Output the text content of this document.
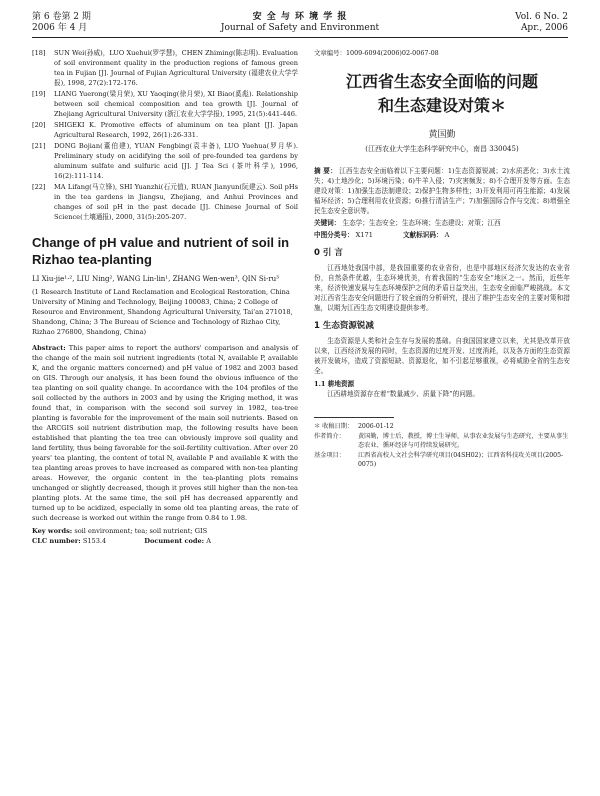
第 6 卷第 2 期
2006 年 4 月
安 全 与 环 境 学 报
Journal of Safety and Environment
Vol. 6 No. 2
Apr., 2006
[18]	SUN Wei(孙威)，LUO Xuehui(罗学慧)，CHEN Zhiming(陈志明). Evaluation of soil environment quality in the production regions of famous green tea in Fujian [J]. Journal of Fujian Agricultural University (福建农业大学学报), 1998, 27(2):172-176.
[19]	LIANG Yuerong(梁月荣), XU Yaoqing(徐月荣), XI Biao(奚彪). Relationship between soil chemical composition and tea growth [J]. Journal of Zhejiang Agricultural University (浙江农业大学学报), 1995, 21(5):441-446.
[20]	SHIGEKI K. Promotive effects of aluminum on tea plant [J]. Japan Agricultural Research, 1992, 26(1):26-331.
[21]	DONG Bojian(董伯建), YUAN Fengbing(袁丰备), LUO Yuehua(罗月华). Preliminary study on acidifying the soil of pre-founded tea gardens by aluminum sulfate and sulfuric acid [J]. J Tea Sci (茶叶科学), 1996, 16(2):111-114.
[22]	MA Lifang(马立锋), SHI Yuanzhi(石元值), RUAN Jianyun(阮建云). Soil pHs in the tea gardens in Jiangsu, Zhejiang, and Anhui Provinces and changes of soil pH in the past decade [J]. Chinese Journal of Soil Science(土壤通报), 2000, 31(5):205-207.
Change of pH value and nutrient of soil in Rizhao tea-planting
LI Xiu-jie¹·², LIU Ning², WANG Lin-lin¹, ZHANG Wen-wen³, QIN Si-ru³
(1 Research Institute of Land Reclamation and Ecological Restoration, China University of Mining and Technology, Beijing 100083, China; 2 College of Resource and Environment, Shandong Agricultural University, Tai'an 271018, Shandong, China; 3 The Bureau of Science and Technology of Rizhao City, Rizhao 276800, Shandong, China)
Abstract: This paper aims to report the authors' comparison and analysis of the change of the main soil nutrient ingredients (total N, available P, available K, and the organic matters concerned) and pH value of 1982 and 2003 based on GIS. Through our analysis, it has been found the obvious influence of the tea planting on soil quality change. In accordance with the 104 profiles of the soil collected by the authors in 2003 and by using the Kriging method, it was found that, in comparison with the second soil survey in 1982, tea-tree planting is favorable for the improvement of the main soil nutrients. Based on the ARCGIS soil nutrient distribution map, the following results have been established that planting the tea tree can obviously improve soil quality and land fertility, thus being favorable for the soil-fertility cultivation. After over 20 years' tea planting, the content of total N, available P and available K with the tea planting areas proves to have increased as compared with non-tea planting areas. However, the organic content in the tea-planting plots remains unchanged or slightly decreased, though it proves still higher than the non-tea planting plots. At the same time, the soil pH has decreased apparently and turned up to be acidized, especially in some old tea planting areas, the rate of such decrease is worked out within the range from 0.84 to 1.98.
Key words: soil environment; tea; soil nutrient; GIS
CLC number: S153.4	Document code: A
文章编号：1009-6094(2006)02-0067-08
江西省生态安全面临的问题
和生态建设对策＊
黄国勤
(江西农业大学生态科学研究中心，南昌 330045)
摘 要： 江西生态安全面临着以下主要问题：1)生态资源锐减；2)水质恶化；3)水土流失；4)土地沙化；5)环境污染；6)牛羊入侵；7)灾害频发；8)不合理开发等方面。生态建设对策：1)加强生态法制建设；2)保护生物多样性；3)开发利用可再生能源；4)发展循环经济；5)合理利用农业资源；6)推行清洁生产；7)加强国际合作与交流；8)增强全民生态安全意识等。
关键词： 生态学；生态安全；生态环境；生态建设；对策；江西
中图分类号： X171	文献标识码： A
0 引 言
江西地处我国中部，是我国重要的农业省份，也是中部地区经济欠发达的农业省份，自然条件优越，生态环境优美，有着我国的“生态安全”地区之一。然而，近些年来，经济快速发展与生态环境保护之间的矛盾日益突出，生态安全面临严峻挑战。本文对江西省生态安全问题进行了较全面的分析研究，提出了维护生态安全的主要对策和措施，以期为江西生态文明建设提供参考。
1 生态资源锐减
生态资源是人类和社会生存与发展的基础。自我国国家建立以来，尤其是改革开放以来，江西经济发展的同时，生态资源的过度开发、过度消耗，以及各方面的生态资源被开发破坏，造成了资源短缺、资源退化，如不引起足够重视，必将威胁全省的生态安全。
1.1 耕地资源
江西耕地资源存在着“数量减少、质量下降”的问题。
＊ 收稿日期： 2006-01-12
作者简介：	黄国勤，博士后，教授，博士生导师，从事农业发展与生态研究，主要从事生态农业、循环经济与可持续发展研究。
基金项目：	江西省高校人文社会科学研究项目(04SH02)；江西省科技攻关项目(2005-0075)
